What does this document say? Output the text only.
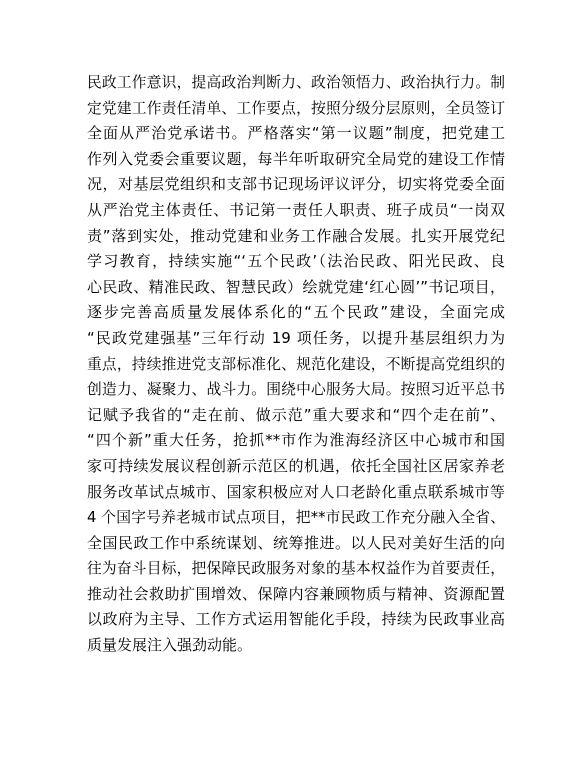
民政工作意识，提高政治判断力、政治领悟力、政治执行力。制
定党建工作责任清单、工作要点，按照分级分层原则，全员签订
全面从严治党承诺书。严格落实“第一议题”制度，把党建工
作列入党委会重要议题，每半年听取研究全局党的建设工作情
况，对基层党组织和支部书记现场评议评分，切实将党委全面
从严治党主体责任、书记第一责任人职责、班子成员“一岗双
责”落到实处，推动党建和业务工作融合发展。扎实开展党纪
学习教育，持续实施“‘五个民政’（法治民政、阳光民政、良
心民政、精准民政、智慧民政）绘就党建‘红心圆’”书记项目，
逐步完善高质量发展体系化的“五个民政”建设，全面完成
“民政党建强基”三年行动 19 项任务，以提升基层组织力为
重点，持续推进党支部标准化、规范化建设，不断提高党组织的
创造力、凝聚力、战斗力。围绕中心服务大局。按照习近平总书
记赋予我省的“走在前、做示范”重大要求和“四个走在前”、
“四个新”重大任务，抢抓**市作为淮海经济区中心城市和国
家可持续发展议程创新示范区的机遇，依托全国社区居家养老
服务改革试点城市、国家积极应对人口老龄化重点联系城市等
4 个国字号养老城市试点项目，把**市民政工作充分融入全省、
全国民政工作中系统谋划、统筹推进。以人民对美好生活的向
往为奋斗目标，把保障民政服务对象的基本权益作为首要责任，
推动社会救助扩围增效、保障内容兼顾物质与精神、资源配置
以政府为主导、工作方式运用智能化手段，持续为民政事业高
质量发展注入强劲动能。
